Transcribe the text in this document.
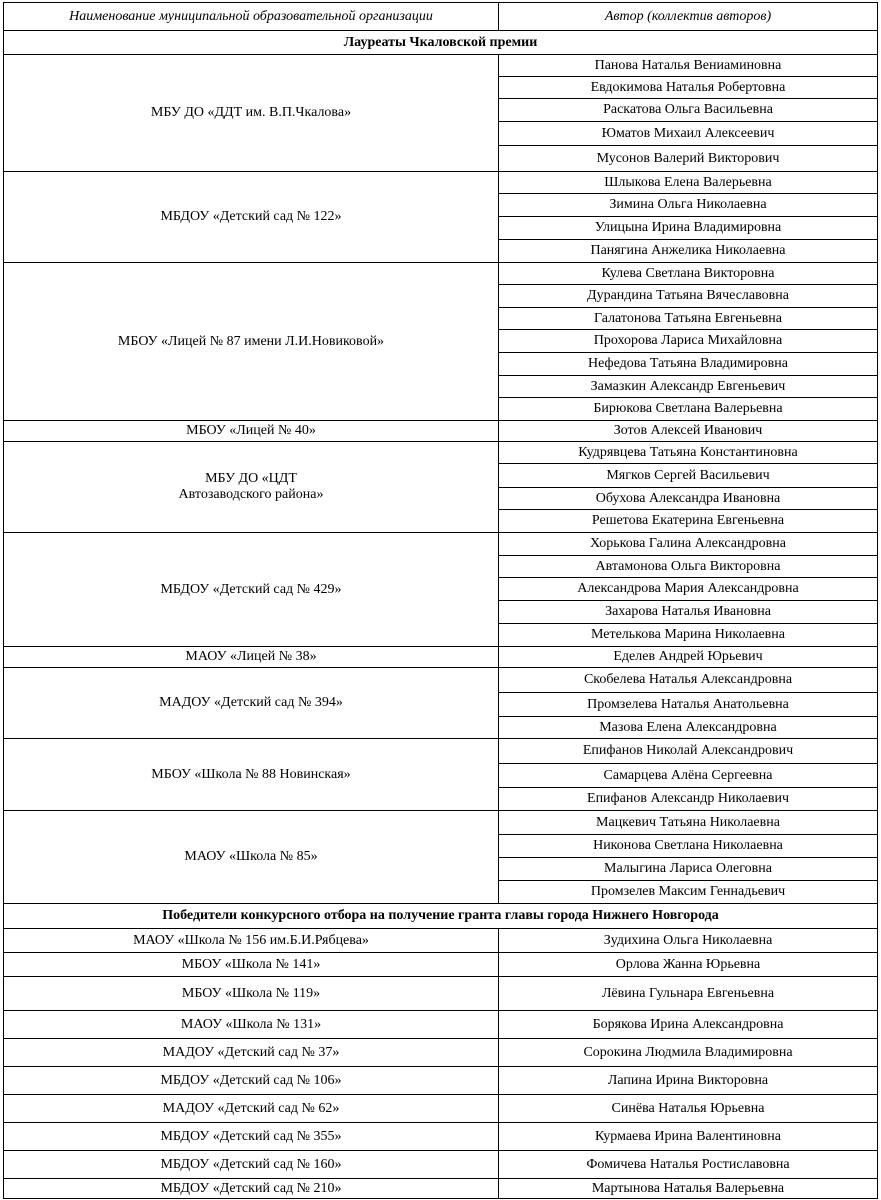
Наименование муниципальной образовательной организации	Автор (коллектив авторов)
Лауреаты Чкаловской премии	
МБУ ДО «ДДТ им. В.П.Чкалова»	Панова Наталья Вениаминовна
	Евдокимова Наталья Робертовна
	Раскатова Ольга Васильевна
	Юматов Михаил Алексеевич
	Мусонов Валерий Викторович
МБДОУ «Детский сад № 122»	Шлыкова Елена Валерьевна
	Зимина Ольга Николаевна
	Улицына Ирина Владимировна
	Панягина Анжелика Николаевна
МБОУ «Лицей № 87 имени Л.И.Новиковой»	Кулева Светлана Викторовна
	Дурандина Татьяна Вячеславовна
	Галатонова Татьяна Евгеньевна
	Прохорова Лариса Михайловна
	Нефедова Татьяна Владимировна
	Замазкин Александр Евгеньевич
	Бирюкова Светлана Валерьевна
МБОУ «Лицей № 40»	Зотов Алексей Иванович

МБУ ДО «ЦДТ
Автозаводского района»	Кудрявцева Татьяна Константиновна
	Мягков Сергей Васильевич
	Обухова Александра Ивановна
	Решетова Екатерина Евгеньевна
МБДОУ «Детский сад № 429»	Хорькова Галина Александровна
	Автамонова Ольга Викторовна
	Александрова Мария Александровна
	Захарова Наталья Ивановна
	Метелькова Марина Николаевна
МАОУ «Лицей № 38»	Еделев Андрей Юрьевич
МАДОУ «Детский сад № 394»	Скобелева Наталья Александровна
	Промзелева Наталья Анатольевна
	Мазова Елена Александровна
МБОУ «Школа № 88 Новинская»	Епифанов Николай Александрович
	Самарцева Алёна Сергеевна
	Епифанов Александр Николаевич
МАОУ «Школа № 85»	Мацкевич Татьяна Николаевна
	Никонова Светлана Николаевна
	Малыгина Лариса Олеговна
	Промзелев Максим Геннадьевич
Победители конкурсного отбора на получение гранта главы города Нижнего Новгорода	
МАОУ «Школа № 156 им.Б.И.Рябцева»	Зудихина Ольга Николаевна
МБОУ «Школа № 141»	Орлова Жанна Юрьевна
МБОУ «Школа № 119»	Лёвина Гульнара Евгеньевна
МАОУ «Школа № 131»	Борякова Ирина Александровна
МАДОУ «Детский сад № 37»	Сорокина Людмила Владимировна
МБДОУ «Детский сад № 106»	Лапина Ирина Викторовна
МАДОУ «Детский сад № 62»	Синёва Наталья Юрьевна
МБДОУ «Детский сад № 355»	Курмаева Ирина Валентиновна
МБДОУ «Детский сад № 160»	Фомичева Наталья Ростиславовна
МБДОУ «Детский сад № 210»	Мартынова Наталья Валерьевна
